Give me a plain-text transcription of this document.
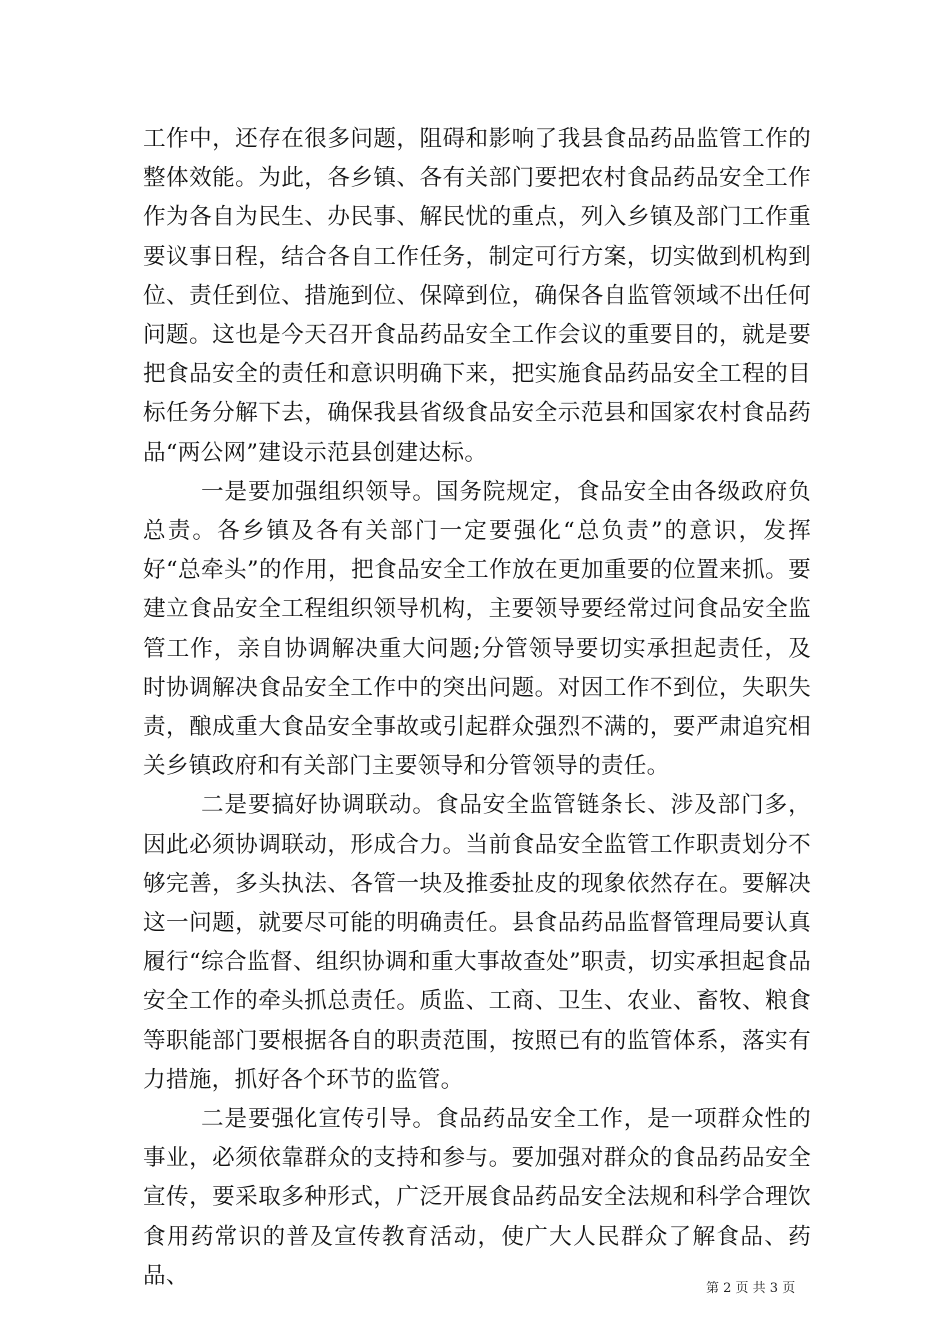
工作中，还存在很多问题，阻碍和影响了我县食品药品监管工作的整体效能。为此，各乡镇、各有关部门要把农村食品药品安全工作作为各自为民生、办民事、解民忧的重点，列入乡镇及部门工作重要议事日程，结合各自工作任务，制定可行方案，切实做到机构到位、责任到位、措施到位、保障到位，确保各自监管领域不出任何问题。这也是今天召开食品药品安全工作会议的重要目的，就是要把食品安全的责任和意识明确下来，把实施食品药品安全工程的目标任务分解下去，确保我县省级食品安全示范县和国家农村食品药品“两公网”建设示范县创建达标。

一是要加强组织领导。国务院规定，食品安全由各级政府负总责。各乡镇及各有关部门一定要强化“总负责”的意识，发挥好“总牵头”的作用，把食品安全工作放在更加重要的位置来抓。要建立食品安全工程组织领导机构，主要领导要经常过问食品安全监管工作，亲自协调解决重大问题;分管领导要切实承担起责任，及时协调解决食品安全工作中的突出问题。对因工作不到位，失职失责，酿成重大食品安全事故或引起群众强烈不满的，要严肃追究相关乡镇政府和有关部门主要领导和分管领导的责任。

二是要搞好协调联动。食品安全监管链条长、涉及部门多，因此必须协调联动，形成合力。当前食品安全监管工作职责划分不够完善，多头执法、各管一块及推委扯皮的现象依然存在。要解决这一问题，就要尽可能的明确责任。县食品药品监督管理局要认真履行“综合监督、组织协调和重大事故查处”职责，切实承担起食品安全工作的牵头抓总责任。质监、工商、卫生、农业、畜牧、粮食等职能部门要根据各自的职责范围，按照已有的监管体系，落实有力措施，抓好各个环节的监管。

二是要强化宣传引导。食品药品安全工作，是一项群众性的事业，必须依靠群众的支持和参与。要加强对群众的食品药品安全宣传，要采取多种形式，广泛开展食品药品安全法规和科学合理饮食用药常识的普及宣传教育活动，使广大人民群众了解食品、药品、	第 2 页 共 3 页
